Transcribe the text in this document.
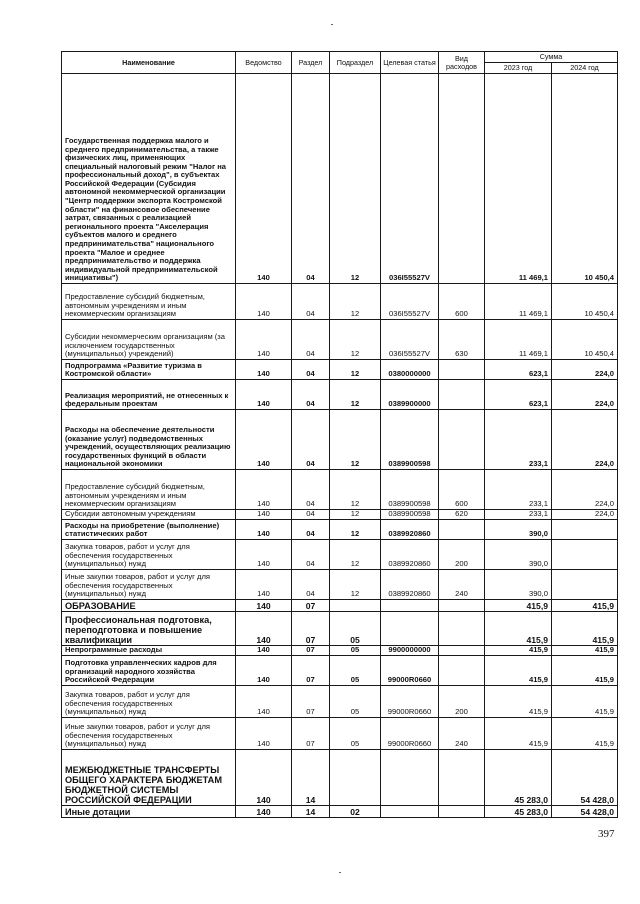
Наименование	Ведомство	Раздел	Подраздел	Целевая статья	Вид расходов	Сумма	
						2023 год	2024 год
Государственная поддержка малого и среднего предпринимательства, а также физических лиц, применяющих специальный налоговый режим "Налог на профессиональный доход", в субъектах Российской Федерации (Субсидия автономной некоммерческой организации "Центр поддержки экспорта Костромской области" на финансовое обеспечение затрат, связанных с реализацией регионального проекта "Акселерация субъектов малого и среднего предпринимательства" национального проекта "Малое и среднее предпринимательство и поддержка индивидуальной предпринимательской инициативы")	140	04	12	036I55527V		11 469,1	10 450,4
Предоставление субсидий бюджетным, автономным учреждениям и иным некоммерческим организациям	140	04	12	036I55527V	600	11 469,1	10 450,4
Субсидии некоммерческим организациям (за исключением государственных (муниципальных) учреждений)	140	04	12	036I55527V	630	11 469,1	10 450,4
Подпрограмма «Развитие туризма в Костромской области»	140	04	12	0380000000		623,1	224,0
Реализация мероприятий, не отнесенных к федеральным проектам	140	04	12	0389900000		623,1	224,0
Расходы на обеспечение деятельности (оказание услуг) подведомственных учреждений, осуществляющих реализацию государственных функций в области национальной экономики	140	04	12	0389900598		233,1	224,0
Предоставление субсидий бюджетным, автономным учреждениям и иным некоммерческим организациям	140	04	12	0389900598	600	233,1	224,0
Субсидии автономным учреждениям	140	04	12	0389900598	620	233,1	224,0
Расходы на приобретение (выполнение) статистических работ	140	04	12	0389920860		390,0	
Закупка товаров, работ и услуг для обеспечения государственных (муниципальных) нужд	140	04	12	0389920860	200	390,0	
Иные закупки товаров, работ и услуг для обеспечения государственных (муниципальных) нужд	140	04	12	0389920860	240	390,0	
ОБРАЗОВАНИЕ	140	07				415,9	415,9
Профессиональная подготовка, переподготовка и повышение квалификации	140	07	05			415,9	415,9
Непрограммные расходы	140	07	05	9900000000		415,9	415,9
Подготовка управленческих кадров для организаций народного хозяйства Российской Федерации	140	07	05	99000R0660		415,9	415,9
Закупка товаров, работ и услуг для обеспечения государственных (муниципальных) нужд	140	07	05	99000R0660	200	415,9	415,9
Иные закупки товаров, работ и услуг для обеспечения государственных (муниципальных) нужд	140	07	05	99000R0660	240	415,9	415,9
МЕЖБЮДЖЕТНЫЕ ТРАНСФЕРТЫ ОБЩЕГО ХАРАКТЕРА БЮДЖЕТАМ БЮДЖЕТНОЙ СИСТЕМЫ РОССИЙСКОЙ ФЕДЕРАЦИИ	140	14				45 283,0	54 428,0
Иные дотации	140	14	02			45 283,0	54 428,0
397
